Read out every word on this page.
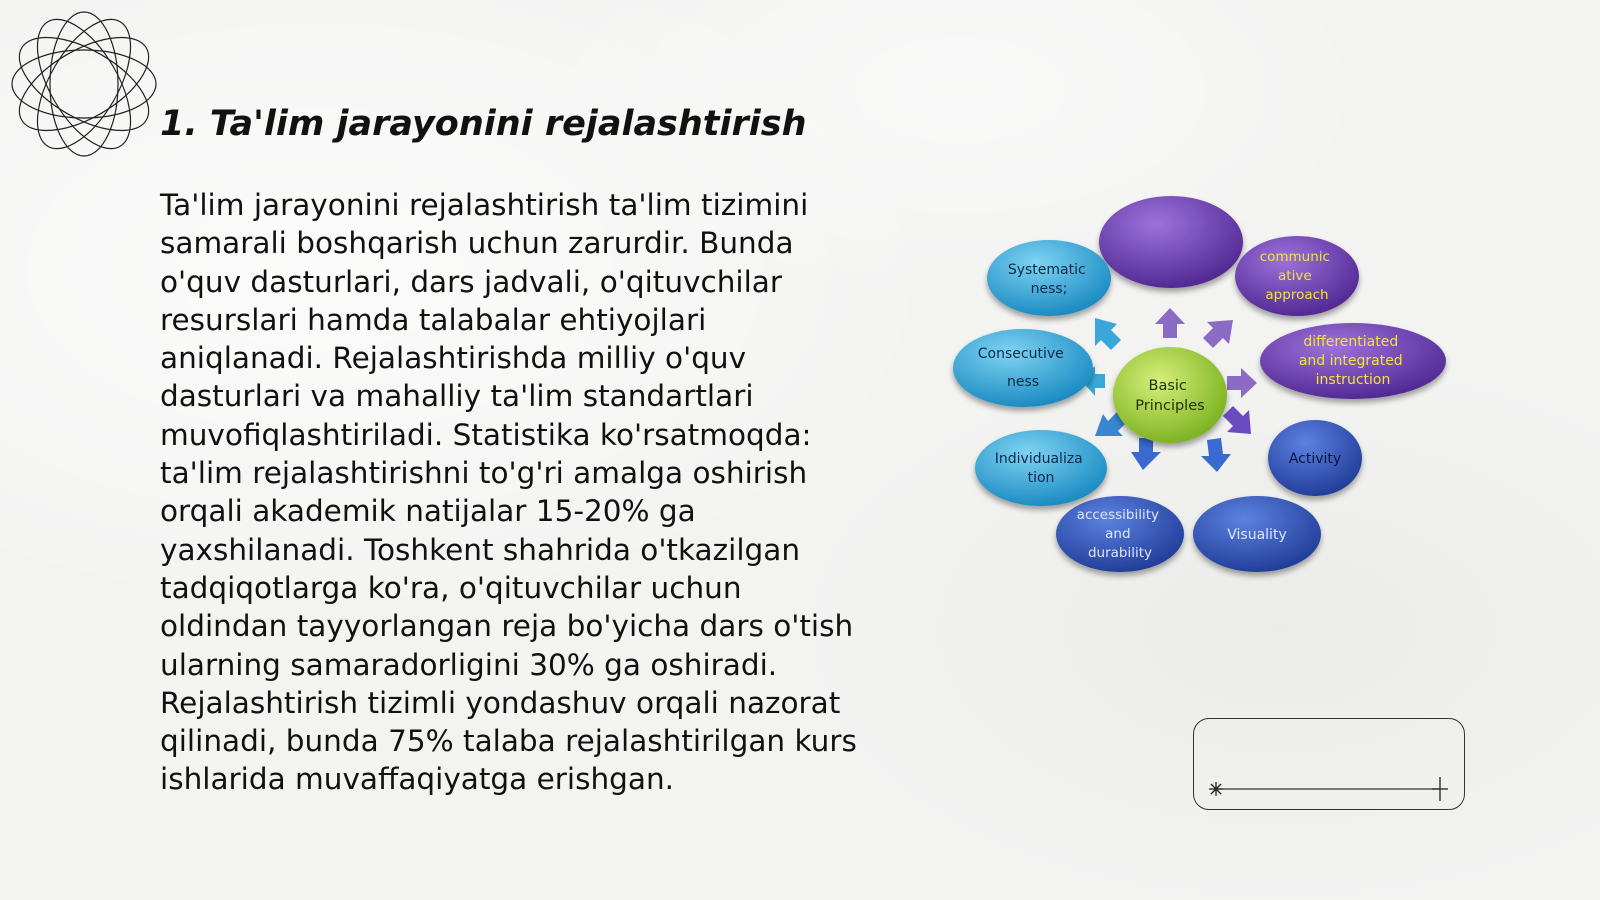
1. Ta'lim jarayonini rejalashtirish

Ta'lim jarayonini rejalashtirish ta'lim tizimini samarali boshqarish uchun zarurdir. Bunda o'quv dasturlari, dars jadvali, o'qituvchilar resurslari hamda talabalar ehtiyojlari aniqlanadi. Rejalashtirishda milliy o'quv dasturlari va mahalliy ta'lim standartlari muvofiqlashtiriladi. Statistika ko'rsatmoqda: ta'lim rejalashtirishni to'g'ri amalga oshirish orqali akademik natijalar 15-20% ga yaxshilanadi. Toshkent shahrida o'tkazilgan tadqiqotlarga ko'ra, o'qituvchilar uchun oldindan tayyorlangan reja bo'yicha dars o'tish ularning samaradorligini 30% ga oshiradi. Rejalashtirish tizimli yondashuv orqali nazorat qilinadi, bunda 75% talaba rejalashtirilgan kurs ishlarida muvaffaqiyatga erishgan.

communic ative approach
differentiated and integrated instruction
Activity
Visuality
accessibility and durability
Individualiza tion
Consecutive ness
Systematic ness;
Basic Principles
